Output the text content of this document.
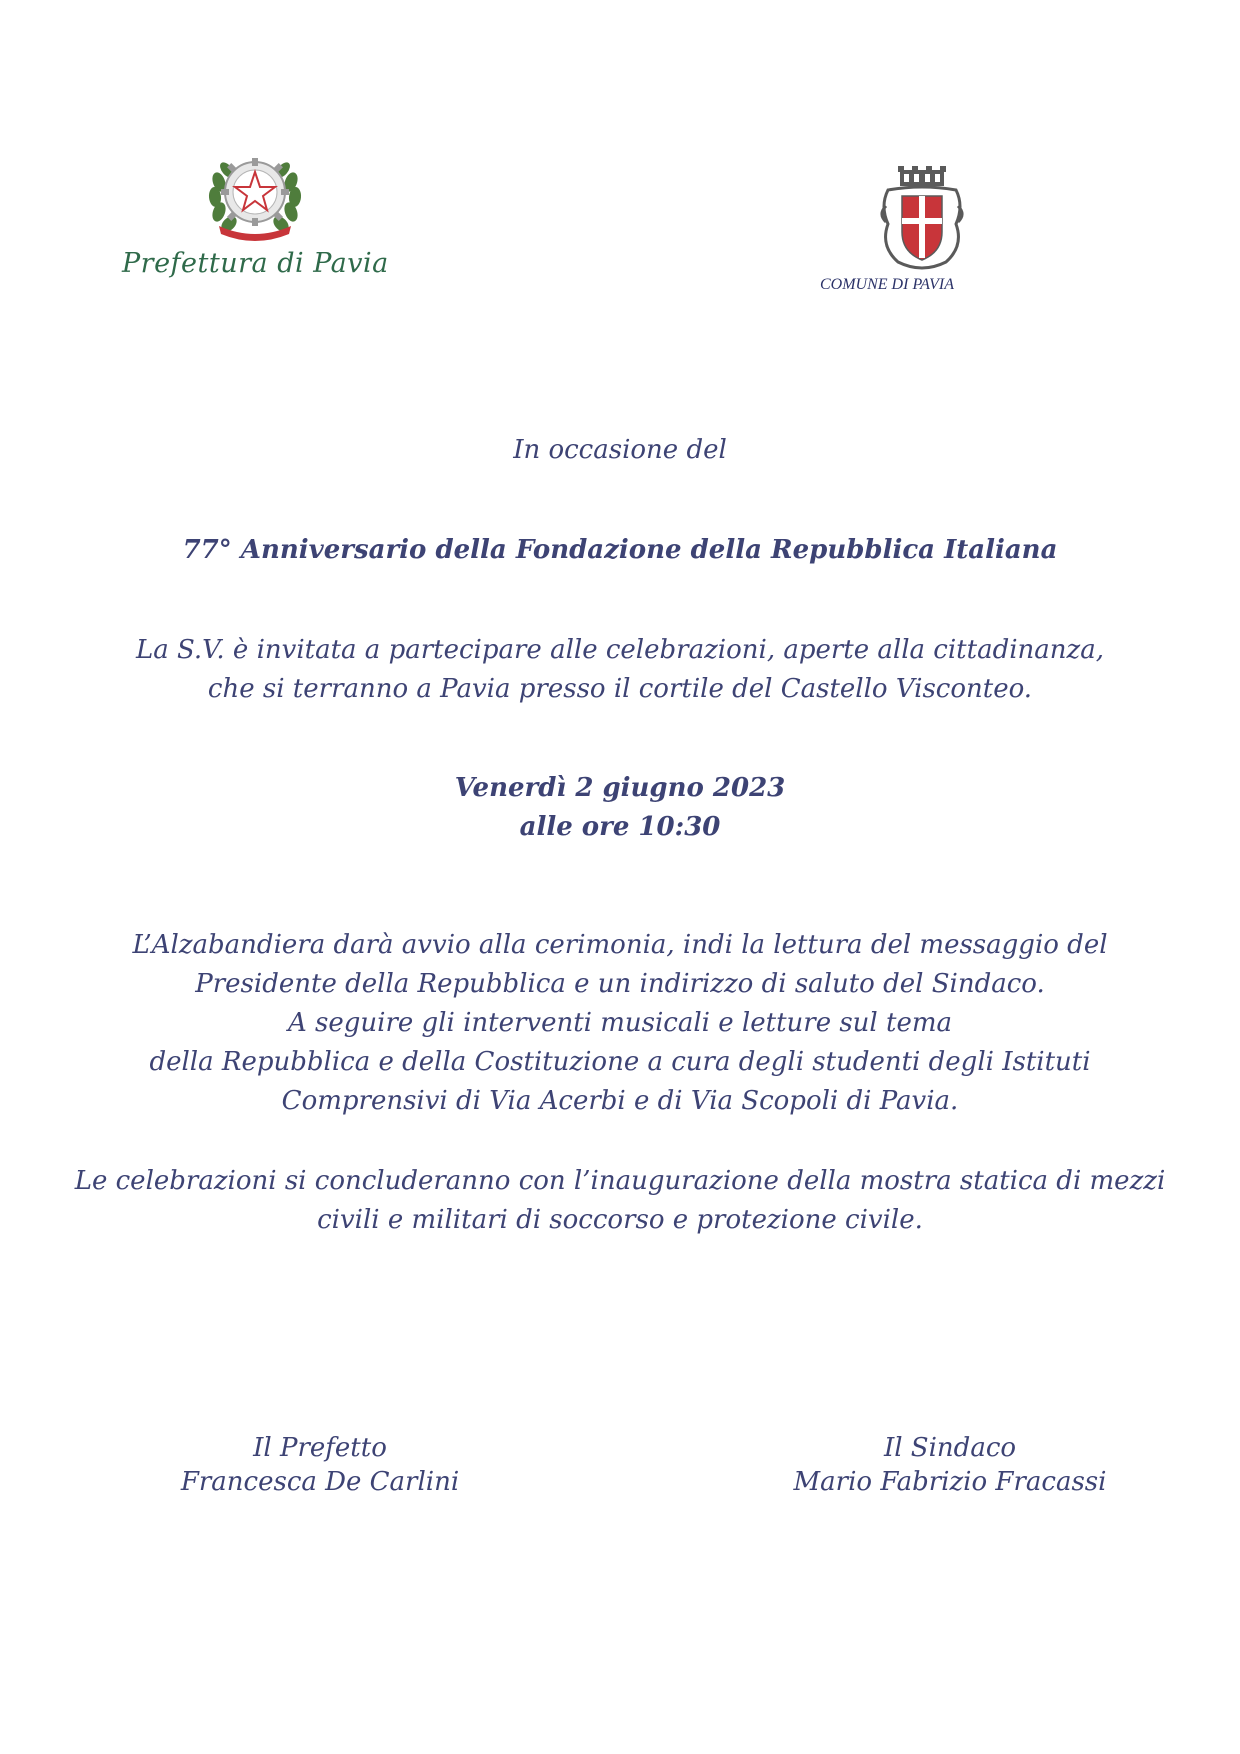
Prefettura di Pavia
COMUNE DI PAVIA
In occasione del
77° Anniversario della Fondazione della Repubblica Italiana
La S.V. è invitata a partecipare alle celebrazioni, aperte alla cittadinanza,
che si terranno a Pavia presso il cortile del Castello Visconteo.
Venerdì 2 giugno 2023
alle ore 10:30
L’Alzabandiera darà avvio alla cerimonia, indi la lettura del messaggio del
Presidente della Repubblica e un indirizzo di saluto del Sindaco.
A seguire gli interventi musicali e letture sul tema
della Repubblica e della Costituzione a cura degli studenti degli Istituti
Comprensivi di Via Acerbi e di Via Scopoli di Pavia.
Le celebrazioni si concluderanno con l’inaugurazione della mostra statica di mezzi
civili e militari di soccorso e protezione civile.
Il Prefetto
Francesca De Carlini
Il Sindaco
Mario Fabrizio Fracassi
